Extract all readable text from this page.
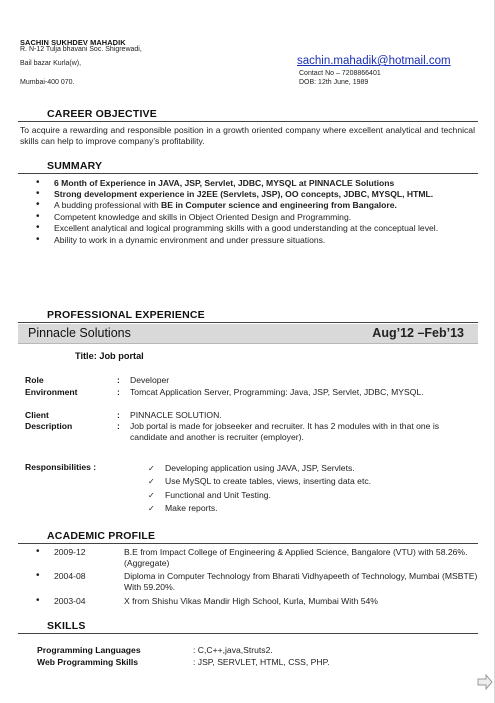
SACHIN SUKHDEV MAHADIK
R. N-12 Tulja bhavani Soc. Shigrewadi,
Bail bazar Kurla(w),
Mumbai-400 070.
sachin.mahadik@hotmail.com
Contact No – 7208866401
DOB: 12th June, 1989
CAREER OBJECTIVE
To acquire a rewarding and responsible position in a growth oriented company where excellent analytical and technical skills can help to improve company’s profitability.
SUMMARY
• 6 Month of Experience in JAVA, JSP, Servlet, JDBC, MYSQL at PINNACLE Solutions
• Strong development experience in J2EE (Servlets, JSP), OO concepts, JDBC, MYSQL, HTML.
• A budding professional with BE in Computer science and engineering from Bangalore.
• Competent knowledge and skills in Object Oriented Design and Programming.
• Excellent analytical and logical programming skills with a good understanding at the conceptual level.
• Ability to work in a dynamic environment and under pressure situations.
PROFESSIONAL EXPERIENCE
Pinnacle Solutions	Aug’12 –Feb’13
Title: Job portal
Role	: Developer
Environment	: Tomcat Application Server, Programming: Java, JSP, Servlet, JDBC, MYSQL.
Client	: PINNACLE SOLUTION.
Description	: Job portal is made for jobseeker and recruiter. It has 2 modules with in that one is candidate and another is recruiter (employer).
Responsibilities :
✓	Developing application using JAVA, JSP, Servlets.
✓ Use MySQL to create tables, views, inserting data etc.
✓ Functional and Unit Testing.
✓ Make reports.
ACADEMIC PROFILE
• 2009-12	B.E from Impact College of Engineering & Applied Science, Bangalore (VTU) with 58.26%.(Aggregate)
• 2004-08	Diploma in Computer Technology from Bharati Vidhyapeeth of Technology, Mumbai (MSBTE) With 59.20%.
• 2003-04	X from Shishu Vikas Mandir High School, Kurla, Mumbai With 54%
SKILLS
Programming Languages	: C,C++,java,Struts2.
Web Programming Skills	: JSP, SERVLET, HTML, CSS, PHP.
